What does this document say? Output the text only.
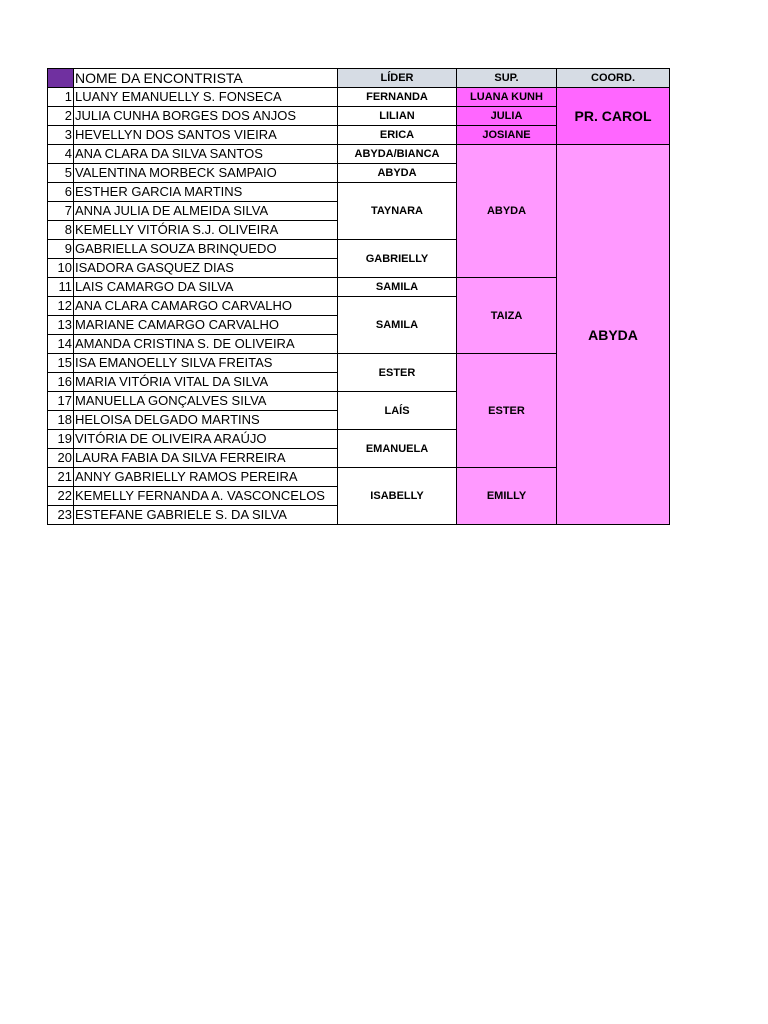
	NOME DA ENCONTRISTA	LÍDER	SUP.	COORD.
1	LUANY EMANUELLY S. FONSECA	FERNANDA	LUANA KUNH	PR. CAROL
2	JULIA CUNHA BORGES DOS ANJOS	LILIAN	JULIA	
3	HEVELLYN DOS SANTOS VIEIRA	ERICA	JOSIANE	
4	ANA CLARA DA SILVA SANTOS	ABYDA/BIANCA	ABYDA	ABYDA
5	VALENTINA MORBECK SAMPAIO	ABYDA		
6	ESTHER GARCIA MARTINS	TAYNARA		
7	ANNA JULIA DE ALMEIDA SILVA			
8	KEMELLY VITÓRIA S.J. OLIVEIRA			
9	GABRIELLA SOUZA BRINQUEDO	GABRIELLY		
10	ISADORA GASQUEZ DIAS			
11	LAIS CAMARGO DA SILVA	SAMILA	TAIZA	
12	ANA CLARA CAMARGO CARVALHO	SAMILA		
13	MARIANE CAMARGO CARVALHO			
14	AMANDA CRISTINA S. DE OLIVEIRA			
15	ISA EMANOELLY SILVA FREITAS	ESTER	ESTER	
16	MARIA VITÓRIA VITAL DA SILVA			
17	MANUELLA GONÇALVES SILVA	LAÍS		
18	HELOISA DELGADO MARTINS			
19	VITÓRIA DE OLIVEIRA ARAÚJO	EMANUELA		
20	LAURA FABIA DA SILVA FERREIRA			
21	ANNY GABRIELLY RAMOS PEREIRA	ISABELLY	EMILLY	
22	KEMELLY FERNANDA A. VASCONCELOS			
23	ESTEFANE GABRIELE S. DA SILVA			
